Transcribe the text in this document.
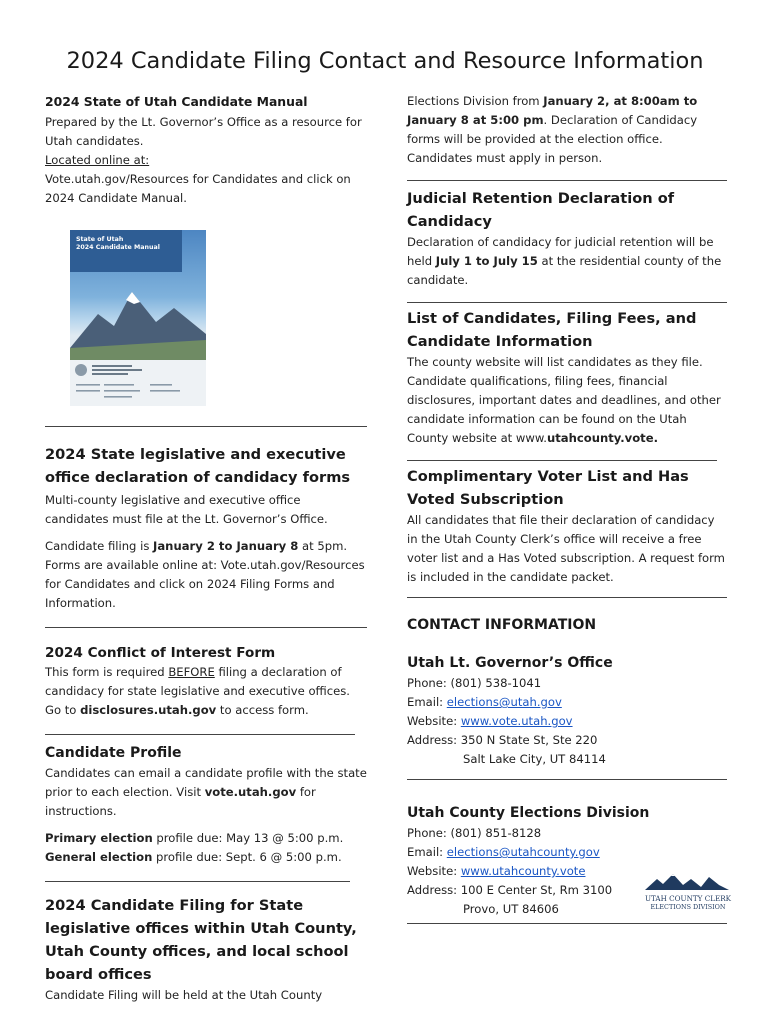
2024 Candidate Filing Contact and Resource Information
2024 State of Utah Candidate Manual

Prepared by the Lt. Governor’s Office as a resource for Utah candidates.

Located online at:

Vote.utah.gov/Resources for Candidates and click on 2024 Candidate Manual.

State of Utah
2024 Candidate Manual
2024 State legislative and executive office declaration of candidacy forms

Multi-county legislative and executive office candidates must file at the Lt. Governor’s Office.

Candidate filing is January 2 to January 8 at 5pm. Forms are available online at: Vote.utah.gov/Resources for Candidates and click on 2024 Filing Forms and Information.

2024 Conflict of Interest Form

This form is required BEFORE filing a declaration of candidacy for state legislative and executive offices. Go to disclosures.utah.gov to access form.

Candidate Profile

Candidates can email a candidate profile with the state prior to each election. Visit vote.utah.gov for instructions.

Primary election profile due: May 13 @ 5:00 p.m.

General election profile due: Sept. 6 @ 5:00 p.m.

2024 Candidate Filing for State legislative offices within Utah County, Utah County offices, and local school board offices

Candidate Filing will be held at the Utah County

Elections Division from January 2, at 8:00am to January 8 at 5:00 pm. Declaration of Candidacy forms will be provided at the election office. Candidates must apply in person.

Judicial Retention Declaration of Candidacy

Declaration of candidacy for judicial retention will be held July 1 to July 15 at the residential county of the candidate.

List of Candidates, Filing Fees, and Candidate Information

The county website will list candidates as they file. Candidate qualifications, filing fees, financial disclosures, important dates and deadlines, and other candidate information can be found on the Utah County website at www.utahcounty.vote.

Complimentary Voter List and Has Voted Subscription

All candidates that file their declaration of candidacy in the Utah County Clerk’s office will receive a free voter list and a Has Voted subscription. A request form is included in the candidate packet.

CONTACT INFORMATION
Utah Lt. Governor’s Office

Phone: (801) 538-1041

Email: elections@utah.gov

Website: www.vote.utah.gov

Address: 350 N State St, Ste 220

Salt Lake City, UT 84114

Utah County Elections Division

Phone: (801) 851-8128

Email: elections@utahcounty.gov

Website: www.utahcounty.vote

Address: 100 E Center St, Rm 3100

Provo, UT 84606

UTAH COUNTY CLERK
ELECTIONS DIVISION
